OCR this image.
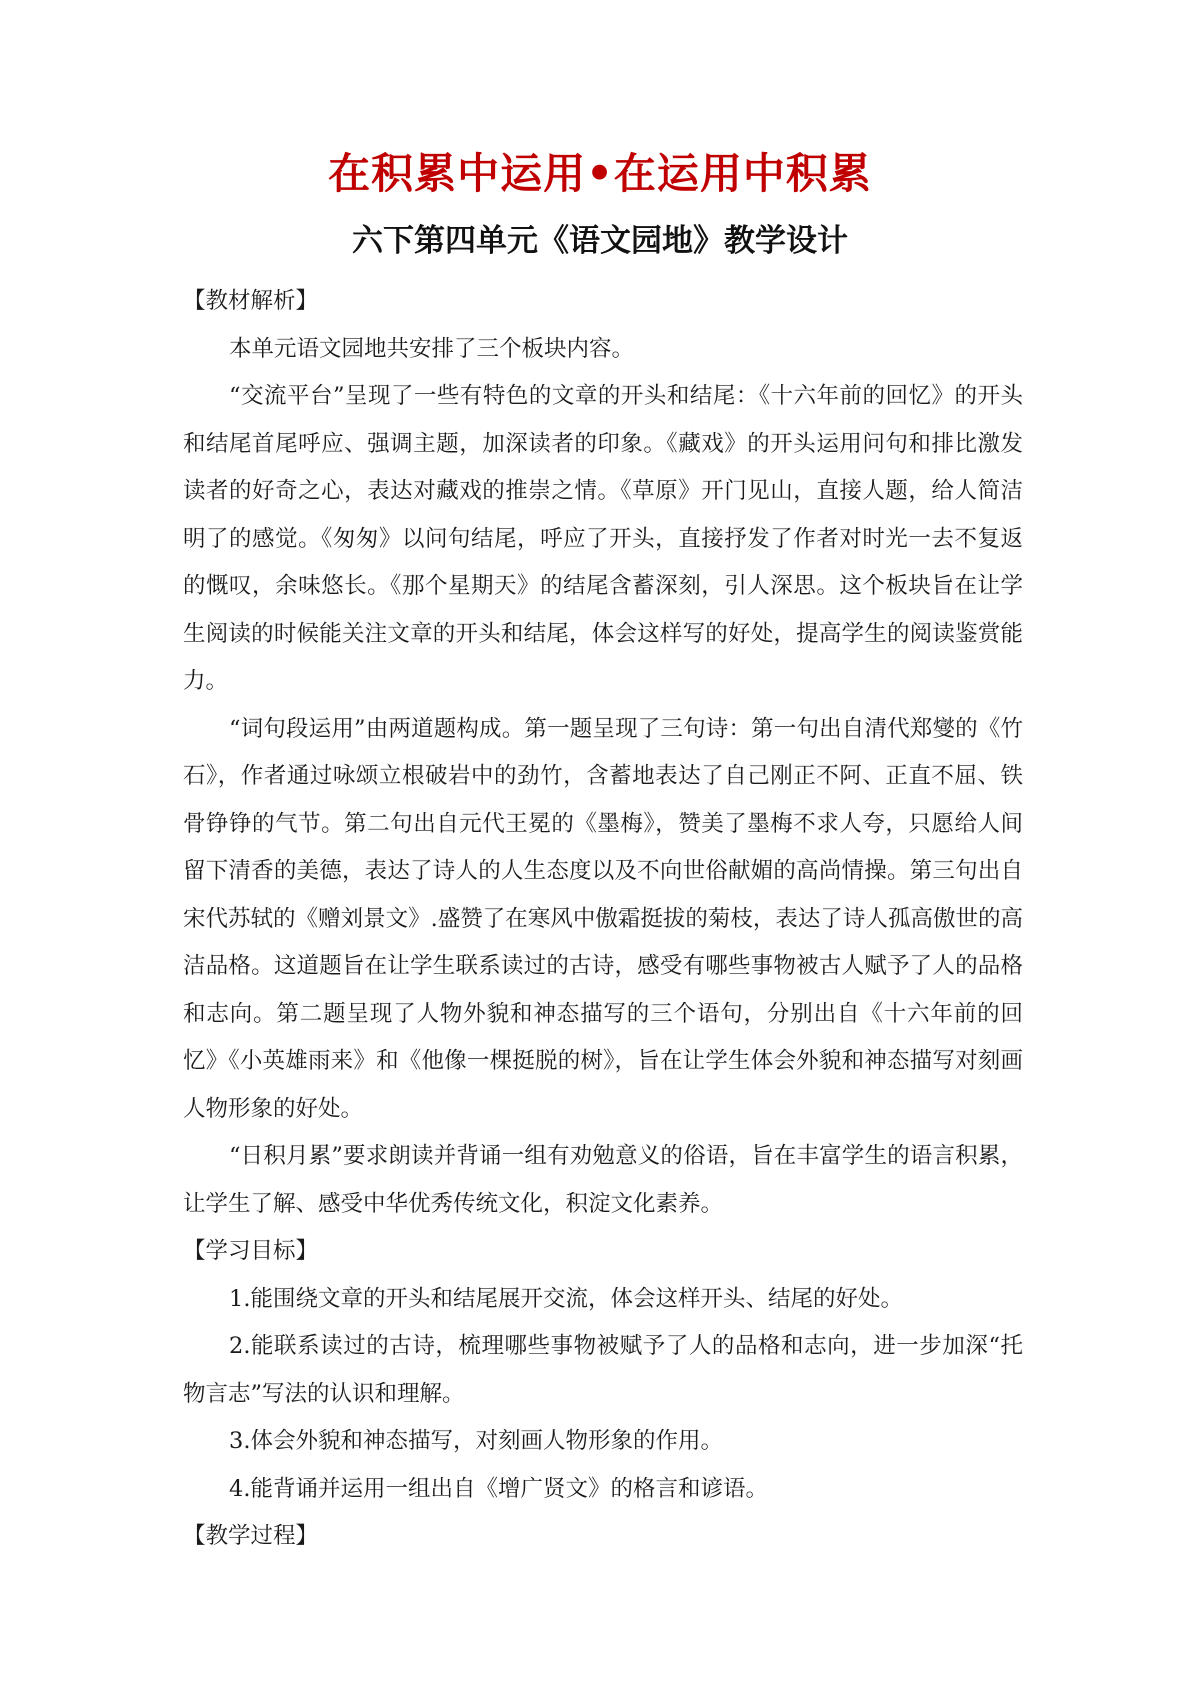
在积累中运用•在运用中积累
六下第四单元《语文园地》教学设计

【教材解析】

本单元语文园地共安排了三个板块内容。

“交流平台”呈现了一些有特色的文章的开头和结尾：《十六年前的回忆》的开头和结尾首尾呼应、强调主题，加深读者的印象。《藏戏》的开头运用问句和排比激发读者的好奇之心，表达对藏戏的推崇之情。《草原》开门见山，直接人题，给人简洁明了的感觉。《匆匆》以问句结尾，呼应了开头，直接抒发了作者对时光一去不复返的慨叹，余味悠长。《那个星期天》的结尾含蓄深刻，引人深思。这个板块旨在让学生阅读的时候能关注文章的开头和结尾，体会这样写的好处，提高学生的阅读鉴赏能力。

“词句段运用”由两道题构成。第一题呈现了三句诗：第一句出自清代郑燮的《竹石》，作者通过咏颂立根破岩中的劲竹，含蓄地表达了自己刚正不阿、正直不屈、铁骨铮铮的气节。第二句出自元代王冕的《墨梅》，赞美了墨梅不求人夸，只愿给人间留下清香的美德，表达了诗人的人生态度以及不向世俗献媚的高尚情操。第三句出自宋代苏轼的《赠刘景文》.盛赞了在寒风中傲霜挺拔的菊枝，表达了诗人孤高傲世的高洁品格。这道题旨在让学生联系读过的古诗，感受有哪些事物被古人赋予了人的品格和志向。第二题呈现了人物外貌和神态描写的三个语句，分别出自《十六年前的回忆》《小英雄雨来》和《他像一棵挺脱的树》，旨在让学生体会外貌和神态描写对刻画人物形象的好处。

“日积月累”要求朗读并背诵一组有劝勉意义的俗语，旨在丰富学生的语言积累，让学生了解、感受中华优秀传统文化，积淀文化素养。

【学习目标】

1.能围绕文章的开头和结尾展开交流，体会这样开头、结尾的好处。

2.能联系读过的古诗，梳理哪些事物被赋予了人的品格和志向，进一步加深“托物言志”写法的认识和理解。

3.体会外貌和神态描写，对刻画人物形象的作用。

4.能背诵并运用一组出自《增广贤文》的格言和谚语。

【教学过程】
